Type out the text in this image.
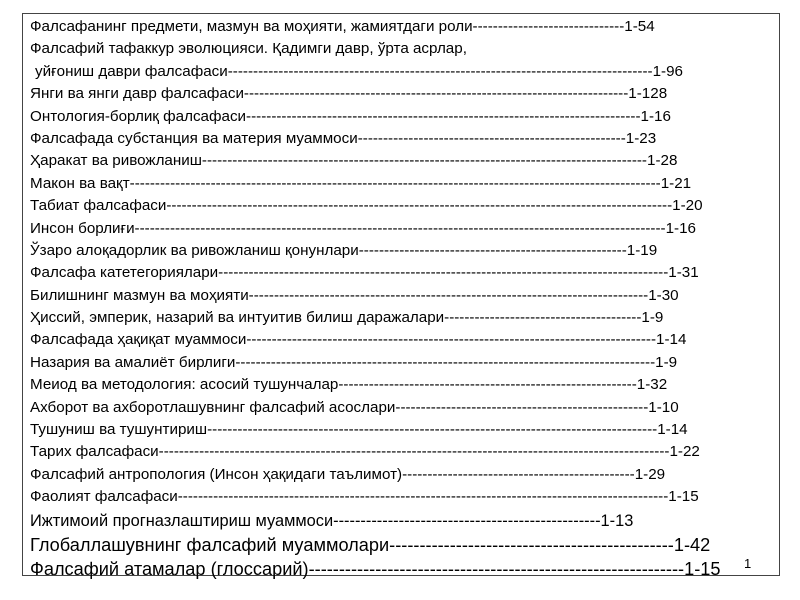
Фалсафанинг предмети, мазмун ва моҳияти, жамиятдаги роли------------------------------1-54
Фалсафий тафаккур эволюцияси. Қадимги давр, ўрта асрлар,
уйғониш даври фалсафаси------------------------------------------------------------------------------------1-96
Янги ва янги давр фалсафаси----------------------------------------------------------------------------1-128
Онтология-борлиқ фалсафаси------------------------------------------------------------------------------1-16
Фалсафада субстанция ва материя муаммоси-----------------------------------------------------1-23
Ҳаракат ва ривожланиш----------------------------------------------------------------------------------------1-28
Макон ва вақт---------------------------------------------------------------------------------------------------------1-21
Табиат фалсафаси----------------------------------------------------------------------------------------------------1-20
Инсон борлиғи---------------------------------------------------------------------------------------------------------1-16
Ўзаро алоқадорлик ва ривожланиш қонунлари-----------------------------------------------------1-19
Фалсафа катетегориялари-----------------------------------------------------------------------------------------1-31
Билишнинг мазмун ва моҳияти-------------------------------------------------------------------------------1-30
Ҳиссий, эмперик, назарий ва интуитив билиш даражалари---------------------------------------1-9
Фалсафада ҳақиқат муаммоси---------------------------------------------------------------------------------1-14
Назария ва амалиёт бирлиги-----------------------------------------------------------------------------------1-9
Меиод ва методология: асосий тушунчалар-----------------------------------------------------------1-32
Ахборот ва ахборотлашувнинг фалсафий асослари--------------------------------------------------1-10
Тушуниш ва тушунтириш-----------------------------------------------------------------------------------------1-14
Тарих фалсафаси-----------------------------------------------------------------------------------------------------1-22
Фалсафий антропология (Инсон ҳақидаги таълимот)----------------------------------------------1-29
Фаолият фалсафаси-------------------------------------------------------------------------------------------------1-15
Ижтимоий прогназлаштириш муаммоси-------------------------------------------------1-13
Глобаллашувнинг фалсафий муаммолари-----------------------------------------------1-42
Фалсафий атамалар (глоссарий)--------------------------------------------------------------1-15	1
